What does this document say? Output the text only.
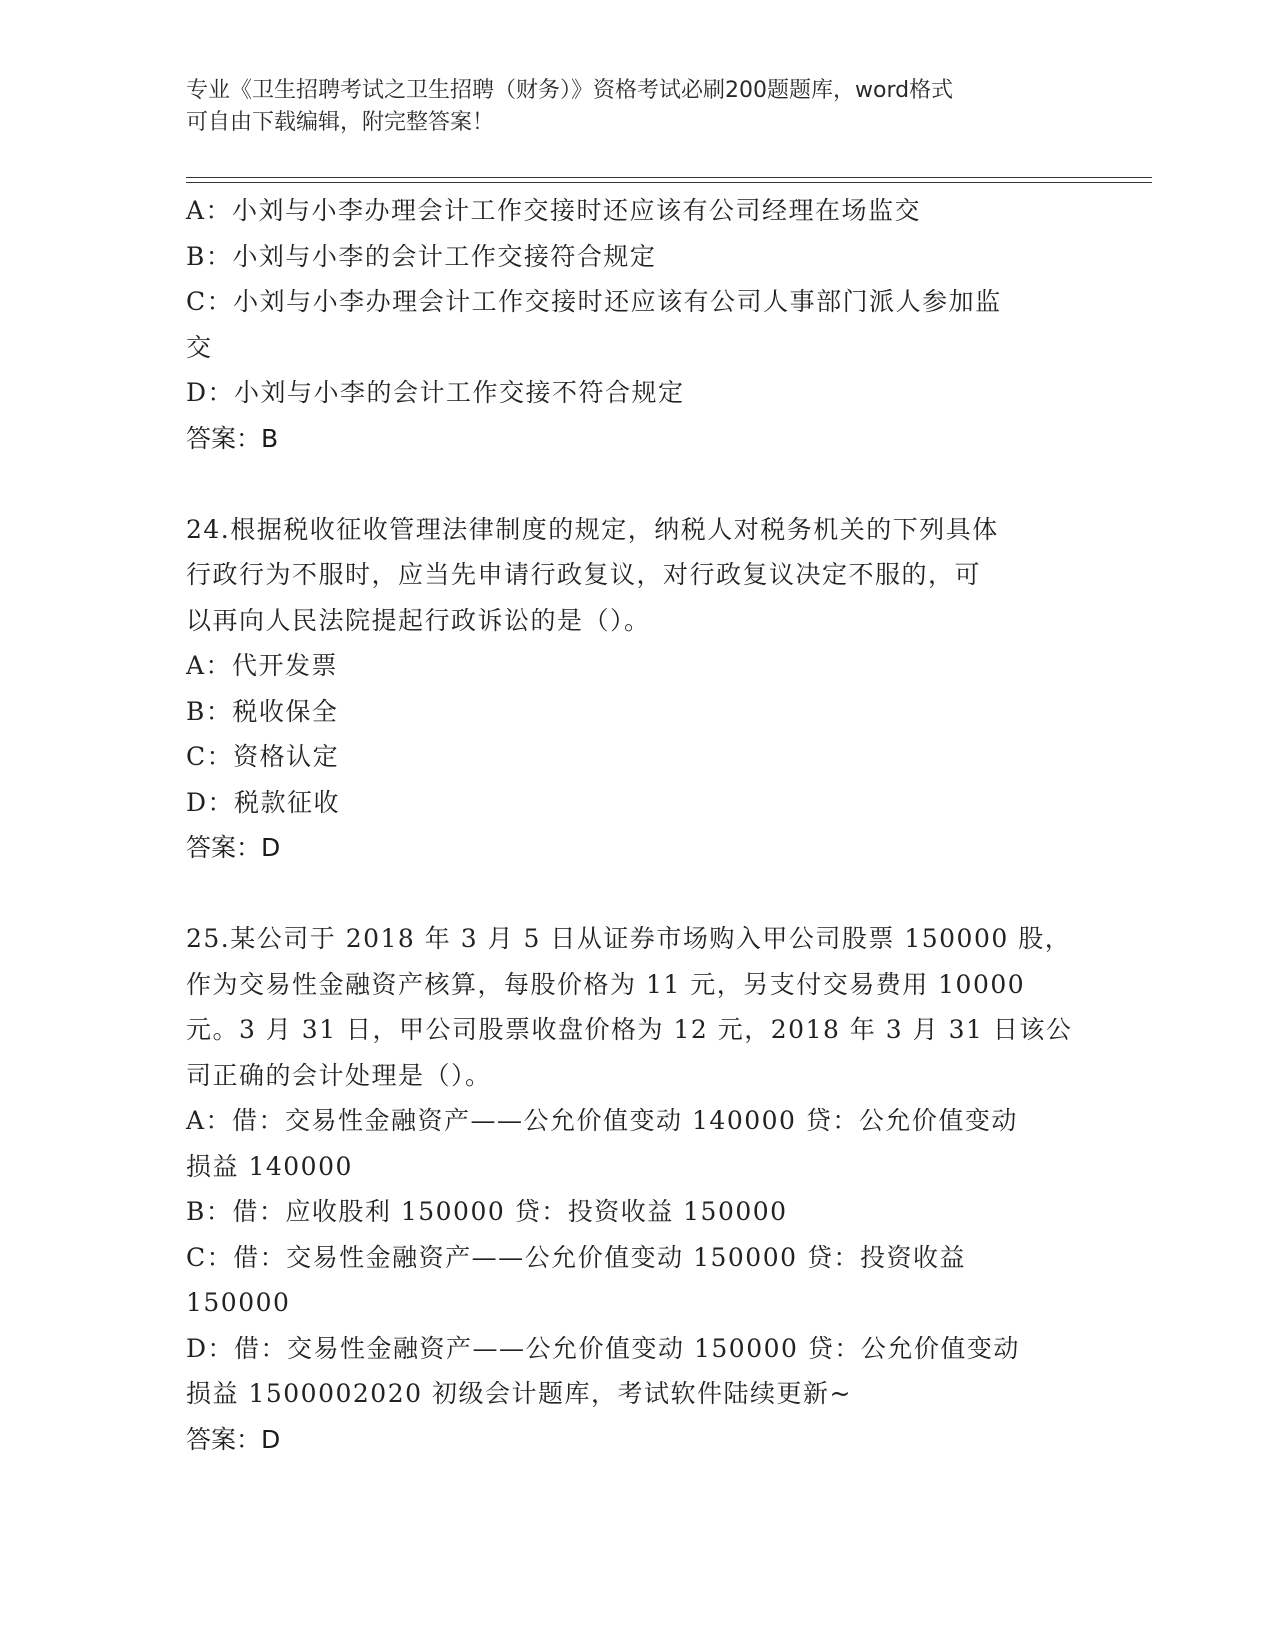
专业《卫生招聘考试之卫生招聘（财务）》资格考试必刷200题题库，word格式
可自由下载编辑，附完整答案！
A：小刘与小李办理会计工作交接时还应该有公司经理在场监交
B：小刘与小李的会计工作交接符合规定
C：小刘与小李办理会计工作交接时还应该有公司人事部门派人参加监
交
D：小刘与小李的会计工作交接不符合规定
答案：B
24.根据税收征收管理法律制度的规定，纳税人对税务机关的下列具体
行政行为不服时，应当先申请行政复议，对行政复议决定不服的，可
以再向人民法院提起行政诉讼的是（）。
A：代开发票
B：税收保全
C：资格认定
D：税款征收
答案：D
25.某公司于 2018 年 3 月 5 日从证券市场购入甲公司股票 150000 股，
作为交易性金融资产核算，每股价格为 11 元，另支付交易费用 10000
元。3 月 31 日，甲公司股票收盘价格为 12 元，2018 年 3 月 31 日该公
司正确的会计处理是（）。
A：借：交易性金融资产——公允价值变动 140000 贷：公允价值变动
损益 140000
B：借：应收股利 150000 贷：投资收益 150000
C：借：交易性金融资产——公允价值变动 150000 贷：投资收益
150000
D：借：交易性金融资产——公允价值变动 150000 贷：公允价值变动
损益 1500002020 初级会计题库，考试软件陆续更新~
答案：D
